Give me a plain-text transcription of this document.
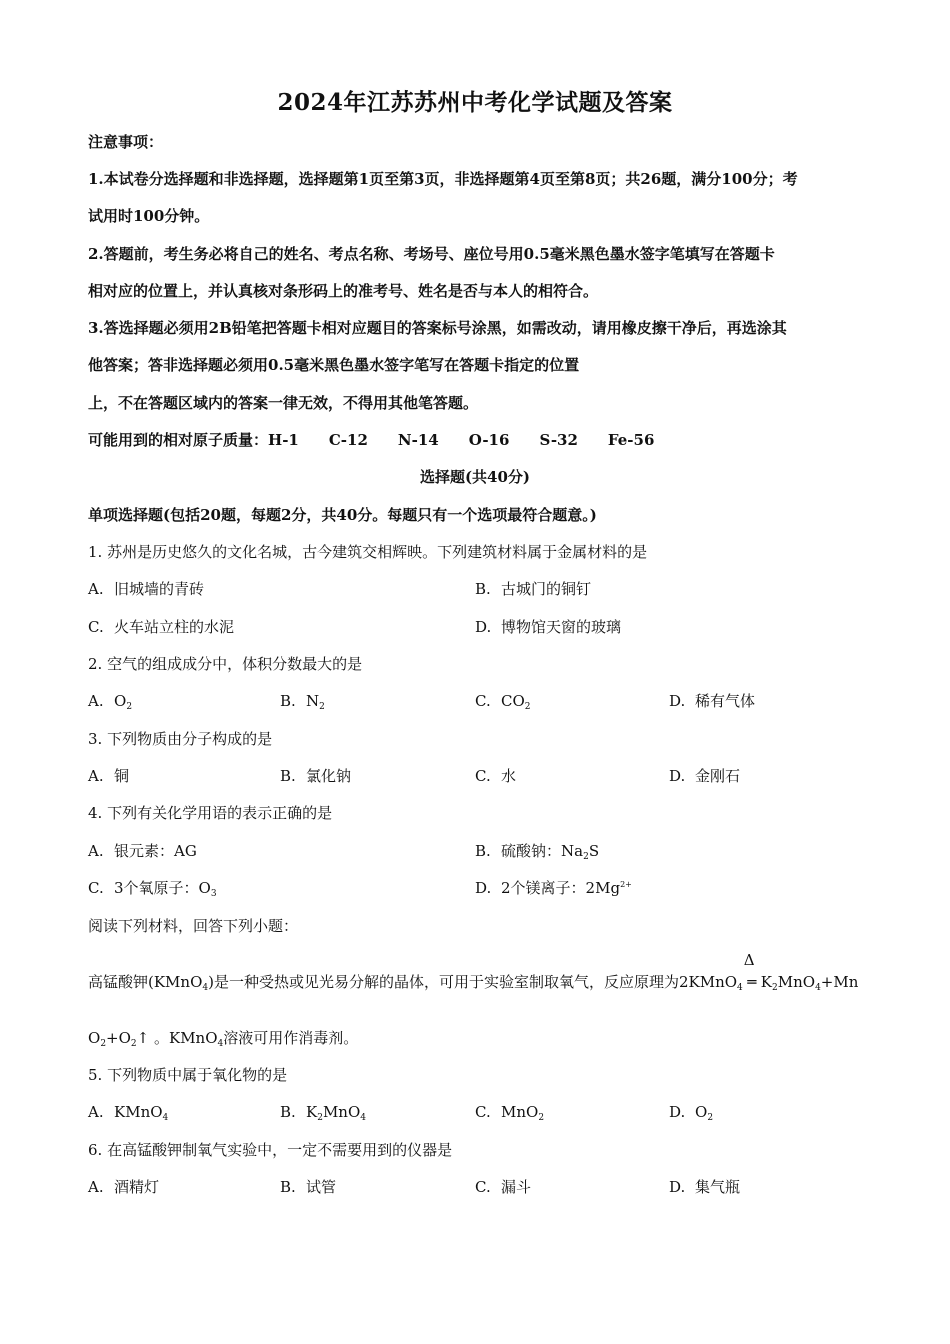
2024年江苏苏州中考化学试题及答案
注意事项：
1.本试卷分选择题和非选择题，选择题第1页至第3页，非选择题第4页至第8页；共26题，满分100分；考
试用时100分钟。
2.答题前，考生务必将自己的姓名、考点名称、考场号、座位号用0.5毫米黑色墨水签字笔填写在答题卡
相对应的位置上，并认真核对条形码上的准考号、姓名是否与本人的相符合。
3.答选择题必须用2B铅笔把答题卡相对应题目的答案标号涂黑，如需改动，请用橡皮擦干净后，再选涂其
他答案；答非选择题必须用0.5毫米黑色墨水签字笔写在答题卡指定的位置
上，不在答题区域内的答案一律无效，不得用其他笔答题。
可能用到的相对原子质量：H-1 C-12 N-14 O-16 S-32 Fe-56
选择题(共40分)
单项选择题(包括20题，每题2分，共40分。每题只有一个选项最符合题意。)
1. 苏州是历史悠久的文化名城，古今建筑交相辉映。下列建筑材料属于金属材料的是
A. 旧城墙的青砖	B. 古城门的铜钉
C. 火车站立柱的水泥	D. 博物馆天窗的玻璃
2. 空气的组成成分中，体积分数最大的是
A. $O_2$	B. $N_2$	C. $CO_2$	D. 稀有气体
3. 下列物质由分子构成的是
A. 铜	B. 氯化钠	C. 水	D. 金刚石
4. 下列有关化学用语的表示正确的是
A. 银元素：AG	B. 硫酸钠：$Na_2S$
C. 3个氧原子：$O_3$	D. 2个镁离子：$2Mg^{2+}$
阅读下列材料，回答下列小题：
高锰酸钾(KMnO$_4$)是一种受热或见光易分解的晶体，可用于实验室制取氧气，反应原理为2KMnO$_4$
Δ
═ $K_2MnO_4+Mn$
$O_2+O_2↑$ 。KMnO$_4$溶液可用作消毒剂。
5. 下列物质中属于氧化物的是
A. KMnO$_4$	B. $K_2MnO_4$	C. MnO$_2$	D. $O_2$
6. 在高锰酸钾制氧气实验中，一定不需要用到的仪器是
A. 酒精灯	B. 试管	C. 漏斗	D. 集气瓶
